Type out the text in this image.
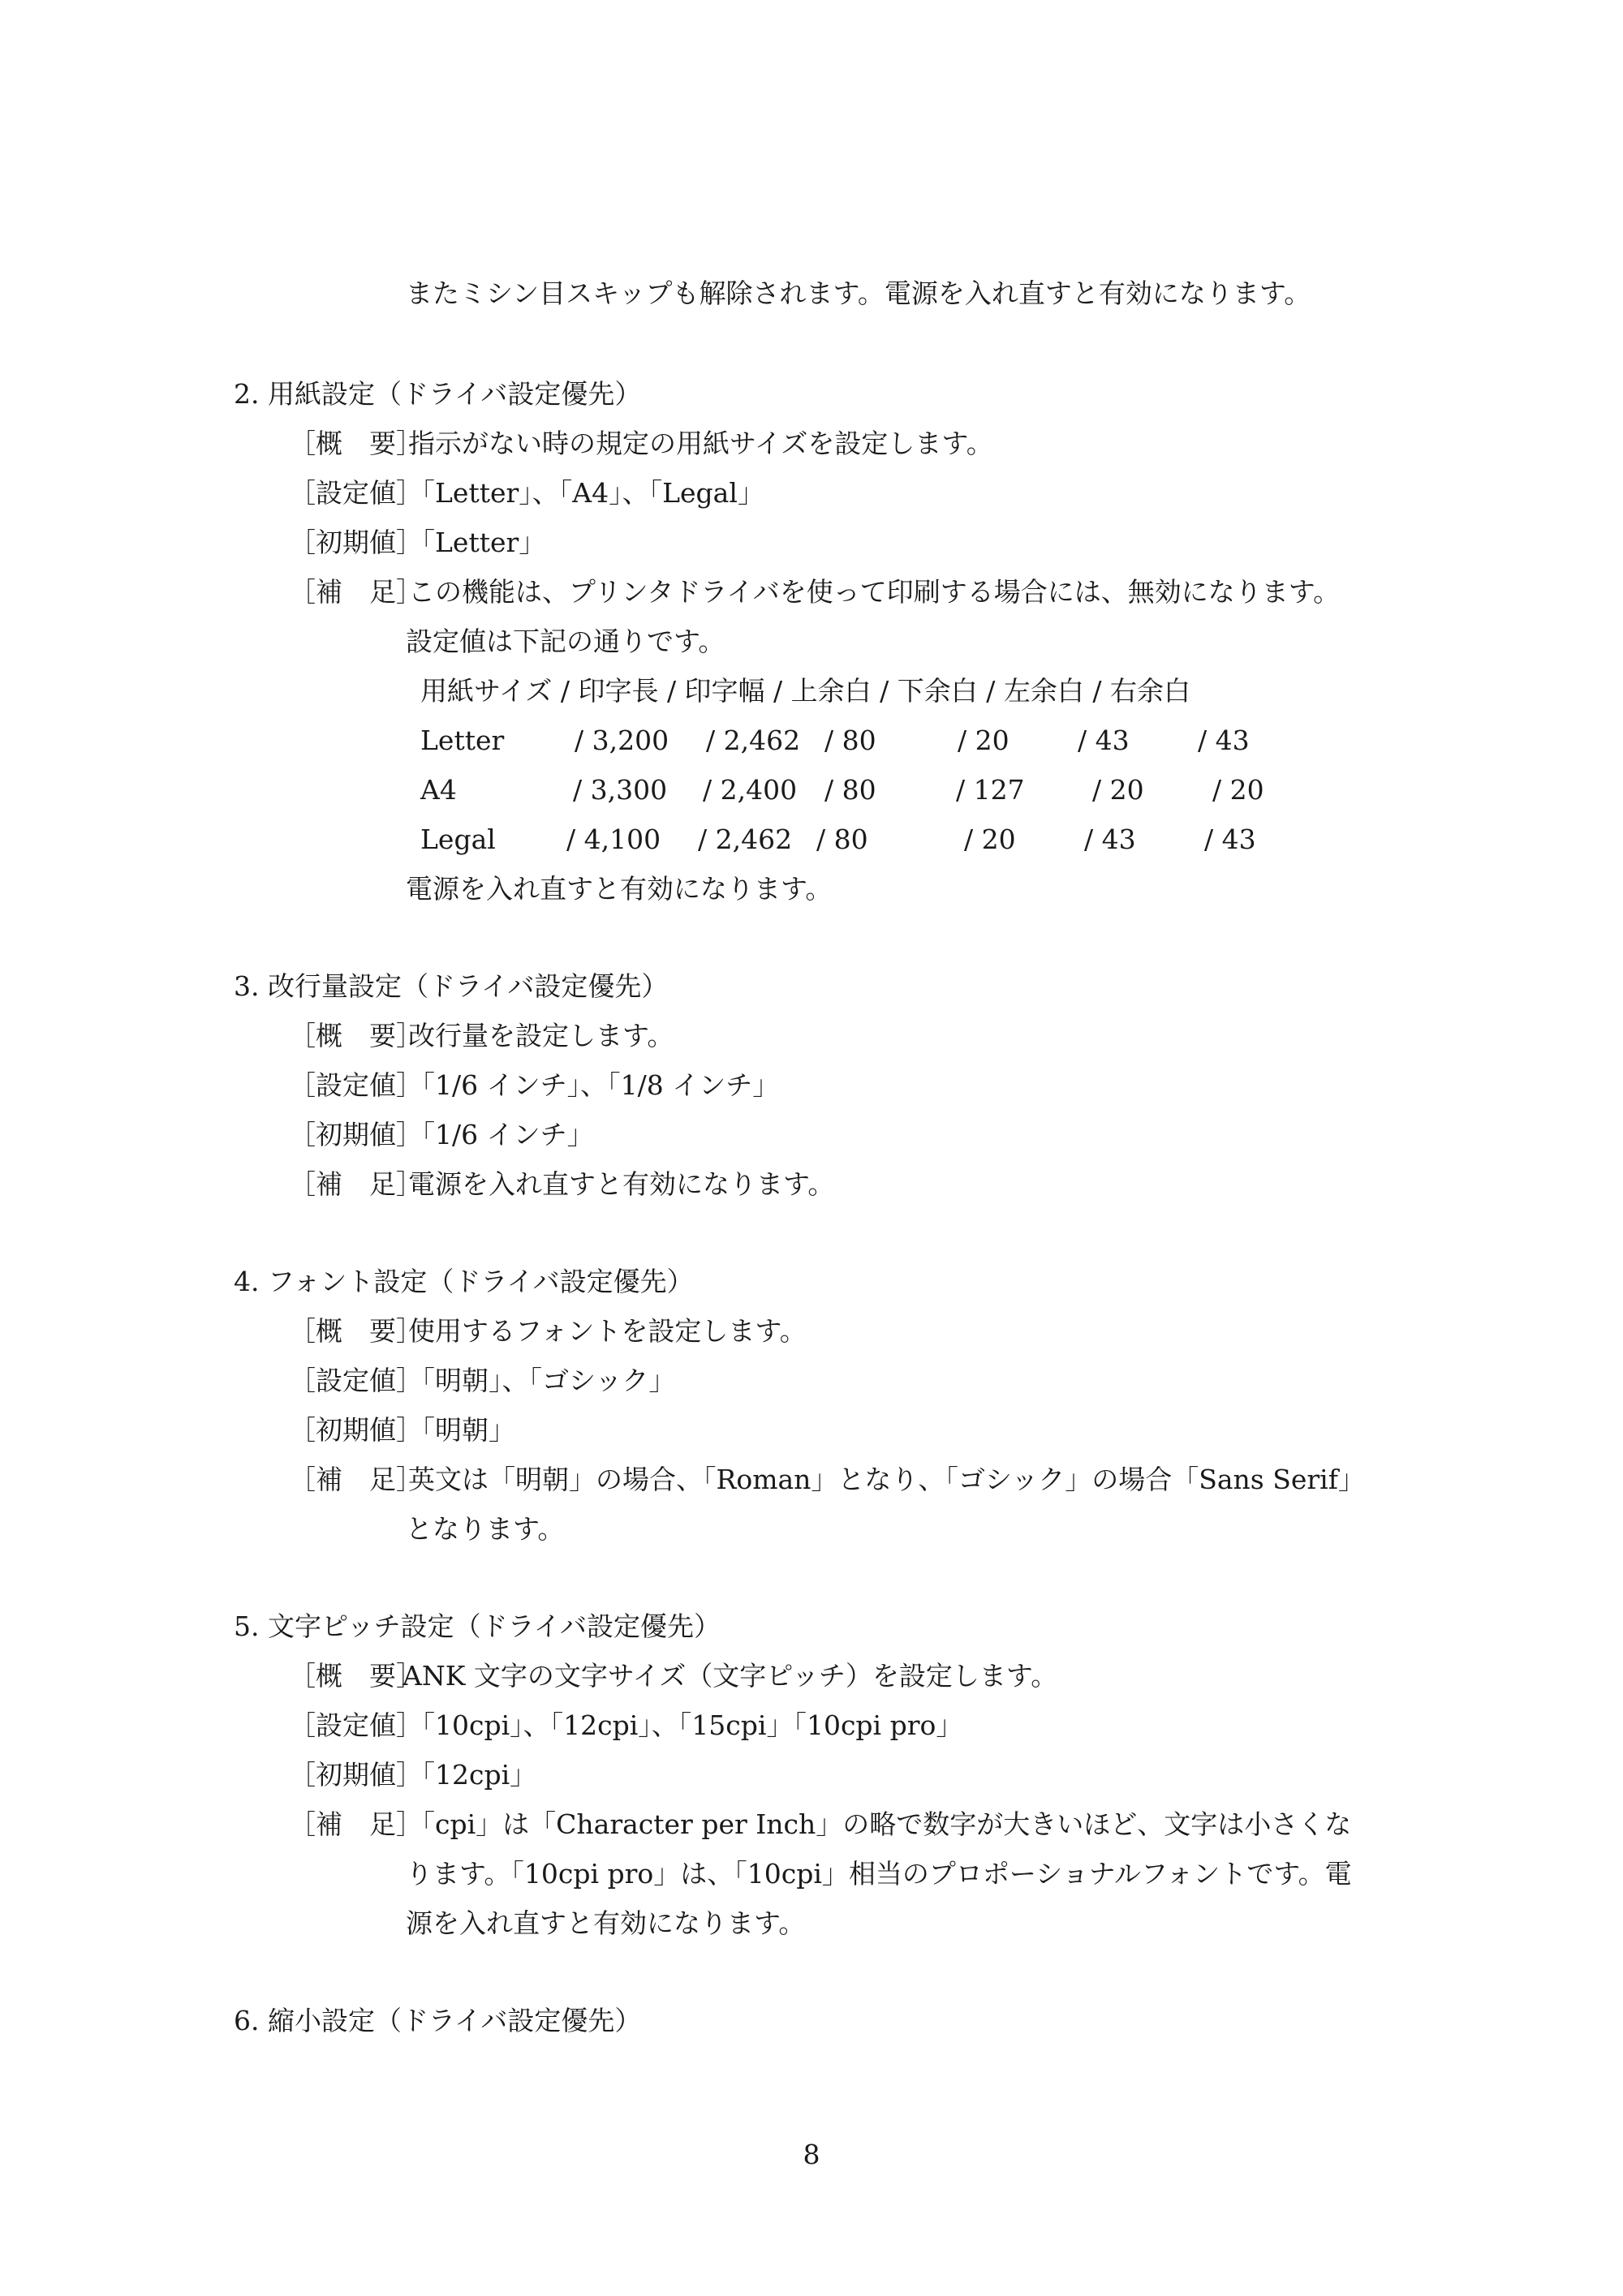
またミシン目スキップも解除されます。電源を入れ直すと有効になります。
2. 用紙設定（ドライバ設定優先）
［概　要］
指示がない時の規定の用紙サイズを設定します。
［設定値］
「Letter」、「A4」、「Legal」
［初期値］
「Letter」
［補　足］
この機能は、プリンタドライバを使って印刷する場合には、無効になります。
設定値は下記の通りです。
用紙サイズ / 印字長 / 印字幅 / 上余白 / 下余白 / 左余白 / 右余白
Letter	/ 3,200 / 2,462 / 80	/ 20	/ 43	/ 43
A4	/ 3,300 / 2,400 / 80	/ 127	/ 20	/ 20
Legal	/ 4,100 / 2,462 / 80	/ 20	/ 43	/ 43
電源を入れ直すと有効になります。
3. 改行量設定（ドライバ設定優先）
［概　要］
改行量を設定します。
［設定値］
「1/6 インチ」、「1/8 インチ」
［初期値］
「1/6 インチ」
［補　足］
電源を入れ直すと有効になります。
4. フォント設定（ドライバ設定優先）
［概　要］
使用するフォントを設定します。
［設定値］
「明朝」、「ゴシック」
［初期値］
「明朝」
［補　足］
英文は「明朝」の場合、「Roman」となり、「ゴシック」の場合「Sans Serif」
となります。
5. 文字ピッチ設定（ドライバ設定優先）
［概　要］
ANK 文字の文字サイズ（文字ピッチ）を設定します。
［設定値］
「10cpi」、「12cpi」、「15cpi」「10cpi pro」
［初期値］
「12cpi」
［補　足］
「cpi」は「Character per Inch」の略で数字が大きいほど、文字は小さくな
ります。「10cpi pro」は、「10cpi」相当のプロポーショナルフォントです。電
源を入れ直すと有効になります。
6. 縮小設定（ドライバ設定優先）
8
